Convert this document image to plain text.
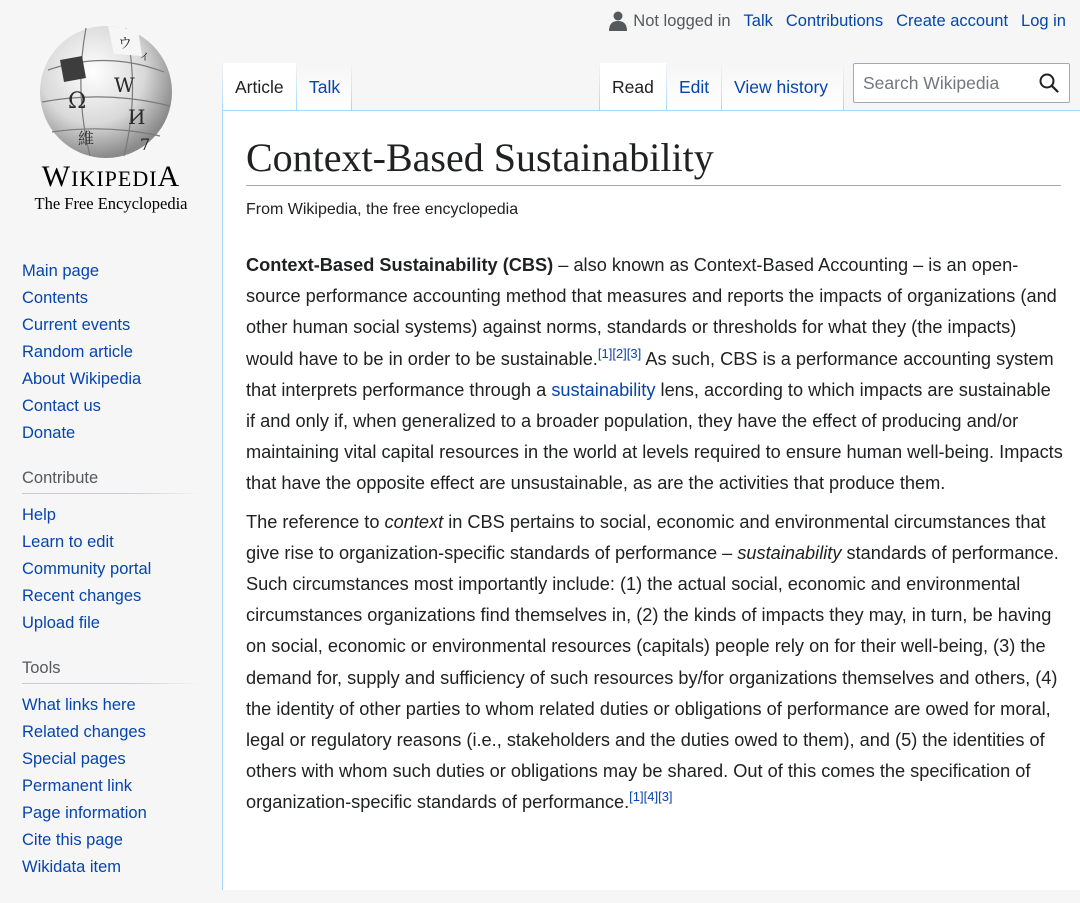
Ω
W
И
維
ウ
ィ
7
WIKIPEDIA
The Free Encyclopedia
Not logged in Talk Contributions Create account Log in
Article	Talk	Read	Edit	View history
Search Wikipedia
Main page
Contents
Current events
Random article
About Wikipedia
Contact us
Donate
Contribute
Help
Learn to edit
Community portal
Recent changes
Upload file
Tools
What links here
Related changes
Special pages
Permanent link
Page information
Cite this page
Wikidata item
Context-Based Sustainability
From Wikipedia, the free encyclopedia

Context-Based Sustainability (CBS) – also known as Context-Based Accounting – is an open-source performance accounting method that measures and reports the impacts of organizations (and other human social systems) against norms, standards or thresholds for what they (the impacts) would have to be in order to be sustainable.[1][2][3] As such, CBS is a performance accounting system that interprets performance through a sustainability lens, according to which impacts are sustainable if and only if, when generalized to a broader population, they have the effect of producing and/or maintaining vital capital resources in the world at levels required to ensure human well-being. Impacts that have the opposite effect are unsustainable, as are the activities that produce them.

The reference to context in CBS pertains to social, economic and environmental circumstances that give rise to organization-specific standards of performance – sustainability standards of performance. Such circumstances most importantly include: (1) the actual social, economic and environmental circumstances organizations find themselves in, (2) the kinds of impacts they may, in turn, be having on social, economic or environmental resources (capitals) people rely on for their well-being, (3) the demand for, supply and sufficiency of such resources by/for organizations themselves and others, (4) the identity of other parties to whom related duties or obligations of performance are owed for moral, legal or regulatory reasons (i.e., stakeholders and the duties owed to them), and (5) the identities of others with whom such duties or obligations may be shared. Out of this comes the specification of organization-specific standards of performance.[1][4][3]
